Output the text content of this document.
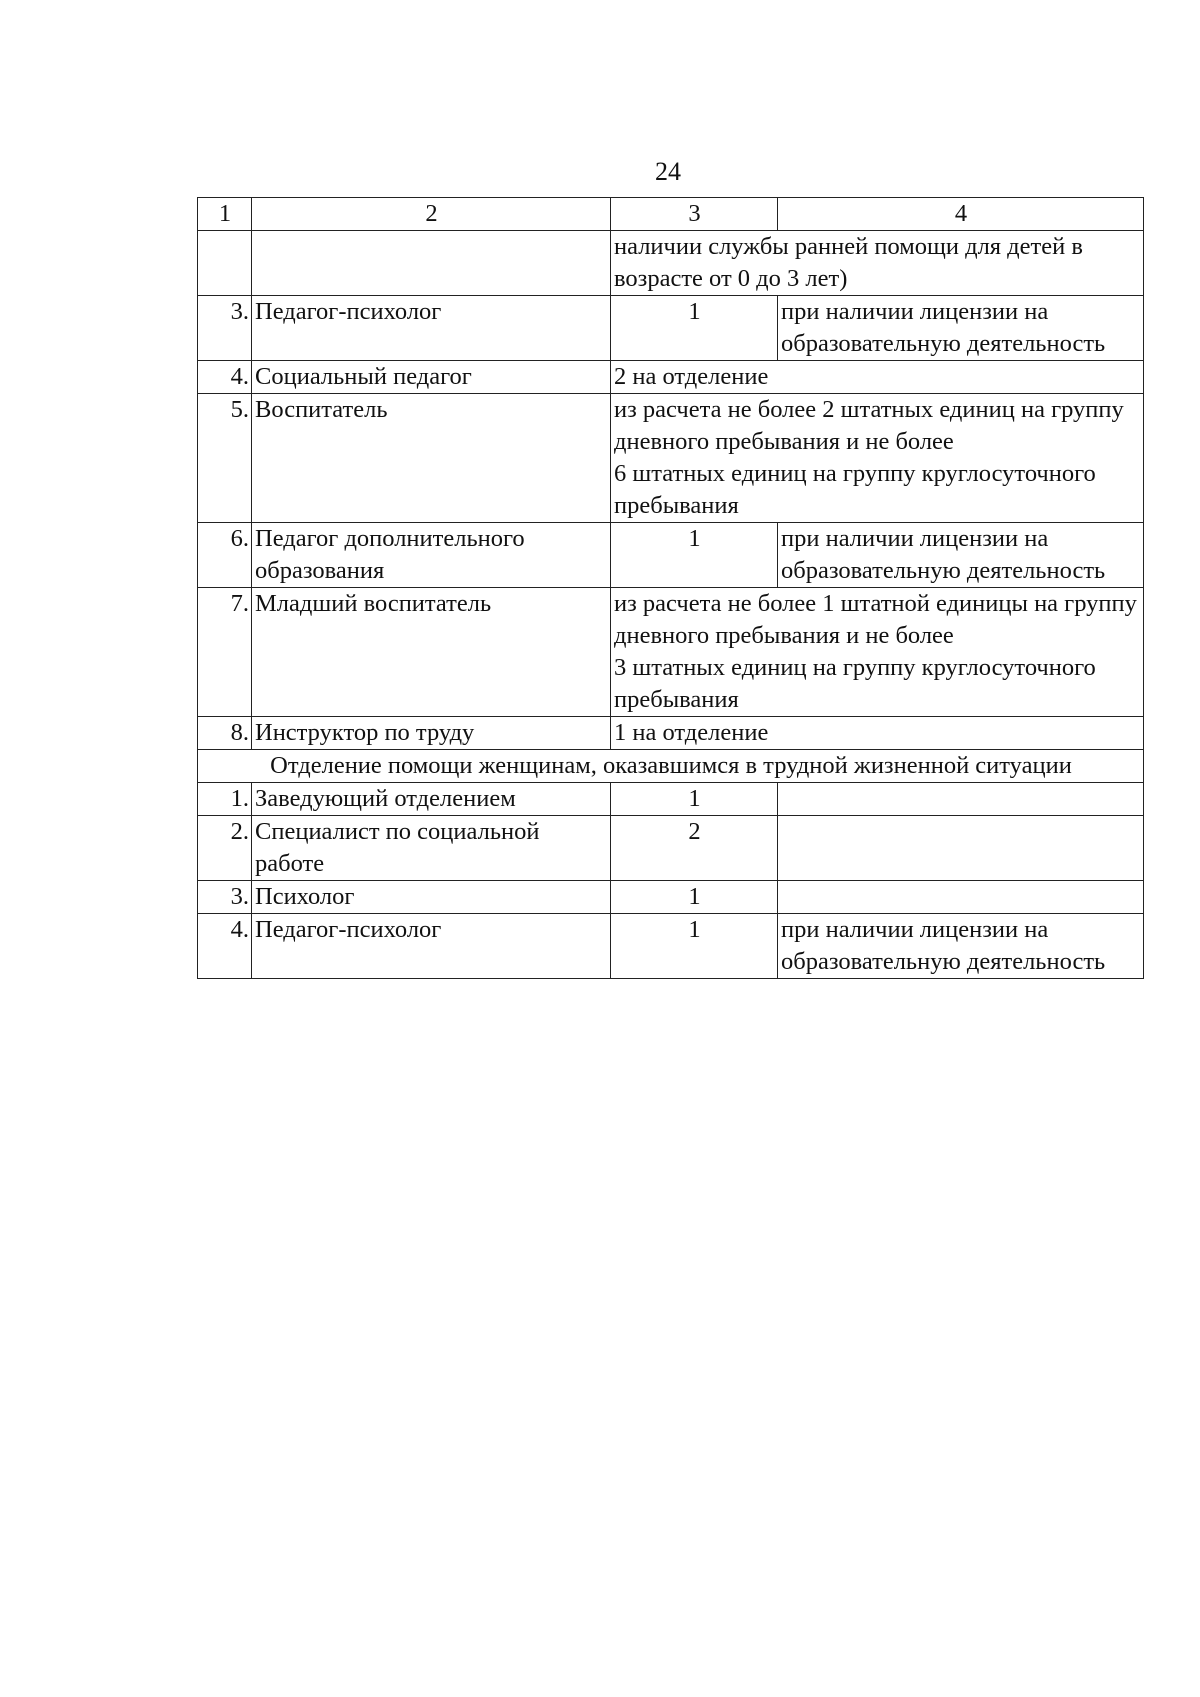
24
1	2	3	4
		наличии службы ранней помощи для детей в возрасте от 0 до 3 лет)	
3.	Педагог-психолог	1	при наличии лицензии на образовательную деятельность
4.	Социальный педагог	2 на отделение	
5.	Воспитатель	из расчета не более 2 штатных единиц на группу дневного пребывания и не более
6 штатных единиц на группу круглосуточного пребывания	
6.	Педагог дополнительного образования	1	при наличии лицензии на образовательную деятельность
7.	Младший воспитатель	из расчета не более 1 штатной единицы на группу дневного пребывания и не более
3 штатных единиц на группу круглосуточного пребывания	
8.	Инструктор по труду	1 на отделение	
Отделение помощи женщинам, оказавшимся в трудной жизненной ситуации			
1.	Заведующий отделением	1	
2.	Специалист по социальной работе	2	
3.	Психолог	1	
4.	Педагог-психолог	1	при наличии лицензии на образовательную деятельность
